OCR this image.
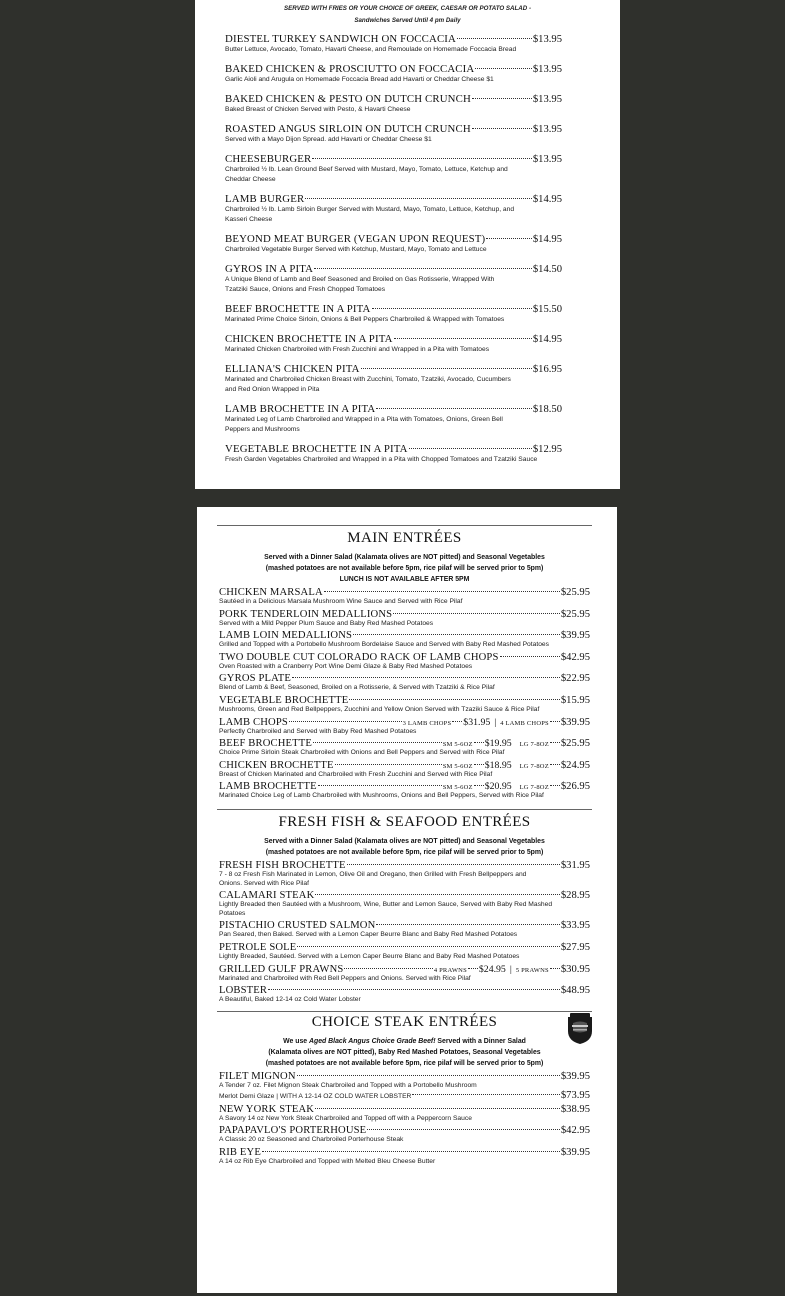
SERVED WITH FRIES OR YOUR CHOICE OF GREEK, CAESAR OR POTATO SALAD -
Sandwiches Served Until 4 pm Daily
DIESTEL TURKEY SANDWICH ON FOCCACIA	$13.95
Butter Lettuce, Avocado, Tomato, Havarti Cheese, and Remoulade on Homemade Foccacia Bread
BAKED CHICKEN & PROSCIUTTO ON FOCCACIA	$13.95
Garlic Aioli and Arugula on Homemade Foccacia Bread add Havarti or Cheddar Cheese $1
BAKED CHICKEN & PESTO ON DUTCH CRUNCH	$13.95
Baked Breast of Chicken Served with Pesto, & Havarti Cheese
ROASTED ANGUS SIRLOIN ON DUTCH CRUNCH	$13.95
Served with a Mayo Dijon Spread. add Havarti or Cheddar Cheese $1
CHEESEBURGER	$13.95
Charbroiled ½ lb. Lean Ground Beef Served with Mustard, Mayo, Tomato, Lettuce, Ketchup and Cheddar Cheese
LAMB BURGER	$14.95
Charbroiled ½ lb. Lamb Sirloin Burger Served with Mustard, Mayo, Tomato, Lettuce, Ketchup, and Kasseri Cheese
BEYOND MEAT BURGER (VEGAN UPON REQUEST)	$14.95
Charbroiled Vegetable Burger Served with Ketchup, Mustard, Mayo, Tomato and Lettuce
GYROS IN A PITA	$14.50
A Unique Blend of Lamb and Beef Seasoned and Broiled on Gas Rotisserie, Wrapped With Tzatziki Sauce, Onions and Fresh Chopped Tomatoes
BEEF BROCHETTE IN A PITA	$15.50
Marinated Prime Choice Sirloin, Onions & Bell Peppers Charbroiled & Wrapped with Tomatoes
CHICKEN BROCHETTE IN A PITA	$14.95
Marinated Chicken Charbroiled with Fresh Zucchini and Wrapped in a Pita with Tomatoes
ELLIANA'S CHICKEN PITA	$16.95
Marinated and Charbroiled Chicken Breast with Zucchini, Tomato, Tzatziki, Avocado, Cucumbers and Red Onion Wrapped in Pita
LAMB BROCHETTE IN A PITA	$18.50
Marinated Leg of Lamb Charbroiled and Wrapped in a Pita with Tomatoes, Onions, Green Bell Peppers and Mushrooms
VEGETABLE BROCHETTE IN A PITA	$12.95
Fresh Garden Vegetables Charbroiled and Wrapped in a Pita with Chopped Tomatoes and Tzatziki Sauce
MAIN ENTRÉES
Served with a Dinner Salad (Kalamata olives are NOT pitted) and Seasonal Vegetables
(mashed potatoes are not available before 5pm, rice pilaf will be served prior to 5pm)
LUNCH IS NOT AVAILABLE AFTER 5PM
CHICKEN MARSALA	$25.95
Sautéed in a Delicious Marsala Mushroom Wine Sauce and Served with Rice Pilaf
PORK TENDERLOIN MEDALLIONS	$25.95
Served with a Mild Pepper Plum Sauce and Baby Red Mashed Potatoes
LAMB LOIN MEDALLIONS	$39.95
Grilled and Topped with a Portobello Mushroom Bordelaise Sauce and Served with Baby Red Mashed Potatoes
TWO DOUBLE CUT COLORADO RACK OF LAMB CHOPS	$42.95
Oven Roasted with a Cranberry Port Wine Demi Glaze & Baby Red Mashed Potatoes
GYROS PLATE	$22.95
Blend of Lamb & Beef, Seasoned, Broiled on a Rotisserie, & Served with Tzatziki & Rice Pilaf
VEGETABLE BROCHETTE	$15.95
Mushrooms, Green and Red Bellpeppers, Zucchini and Yellow Onion Served with Tzaziki Sauce & Rice Pilaf
LAMB CHOPS	3 LAMB CHOPS $31.95 | 4 LAMB CHOPS $39.95
Perfectly Charbroiled and Served with Baby Red Mashed Potatoes
BEEF BROCHETTE	SM 5-6OZ $19.95 LG 7-8OZ $25.95
Choice Prime Sirloin Steak Charbroiled with Onions and Bell Peppers and Served with Rice Pilaf
CHICKEN BROCHETTE	SM 5-6OZ $18.95 LG 7-8OZ $24.95
Breast of Chicken Marinated and Charbroiled with Fresh Zucchini and Served with Rice Pilaf
LAMB BROCHETTE	SM 5-6OZ $20.95 LG 7-8OZ $26.95
Marinated Choice Leg of Lamb Charbroiled with Mushrooms, Onions and Bell Peppers, Served with Rice Pilaf
FRESH FISH & SEAFOOD ENTRÉES
Served with a Dinner Salad (Kalamata olives are NOT pitted) and Seasonal Vegetables
(mashed potatoes are not available before 5pm, rice pilaf will be served prior to 5pm)
FRESH FISH BROCHETTE	$31.95
7 - 8 oz Fresh Fish Marinated in Lemon, Olive Oil and Oregano, then Grilled with Fresh Bellpeppers and Onions. Served with Rice Pilaf
CALAMARI STEAK	$28.95
Lightly Breaded then Sautéed with a Mushroom, Wine, Butter and Lemon Sauce, Served with Baby Red Mashed Potatoes
PISTACHIO CRUSTED SALMON	$33.95
Pan Seared, then Baked. Served with a Lemon Caper Beurre Blanc and Baby Red Mashed Potatoes
PETROLE SOLE	$27.95
Lightly Breaded, Sautéed. Served with a Lemon Caper Beurre Blanc and Baby Red Mashed Potatoes
GRILLED GULF PRAWNS	4 PRAWNS $24.95 | 5 PRAWNS $30.95
Marinated and Charbroiled with Red Bell Peppers and Onions. Served with Rice Pilaf
LOBSTER	$48.95
A Beautiful, Baked 12-14 oz Cold Water Lobster
CHOICE STEAK ENTRÉES
We use Aged Black Angus Choice Grade Beef! Served with a Dinner Salad
(Kalamata olives are NOT pitted), Baby Red Mashed Potatoes, Seasonal Vegetables
(mashed potatoes are not available before 5pm, rice pilaf will be served prior to 5pm)
FILET MIGNON	$39.95
A Tender 7 oz. Filet Mignon Steak Charbroiled and Topped with a Portobello Mushroom
Merlot Demi Glaze | WITH A 12-14 OZ COLD WATER LOBSTER	$73.95
NEW YORK STEAK	$38.95
A Savory 14 oz New York Steak Charbroiled and Topped off with a Peppercorn Sauce
PAPAPAVLO'S PORTERHOUSE	$42.95
A Classic 20 oz Seasoned and Charbroiled Porterhouse Steak
RIB EYE	$39.95
A 14 oz Rib Eye Charbroiled and Topped with Melted Bleu Cheese Butter
